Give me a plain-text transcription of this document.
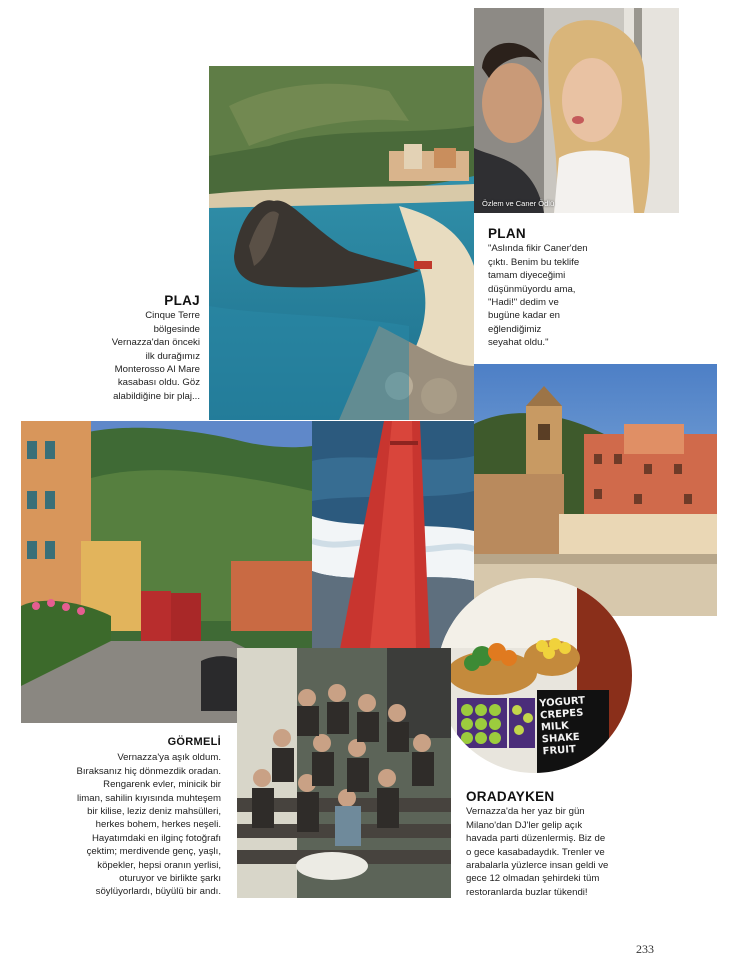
Özlem ve Caner Ödlü
YOGURT
CREPES
MILK
SHAKE
FRUIT
PLAJ
Cinque Terre
bölgesinde
Vernazza'dan önceki
ilk durağımız
Monterosso Al Mare
kasabası oldu. Göz
alabildiğine bir plaj...
PLAN
"Aslında fikir Caner'den
çıktı. Benim bu teklife
tamam diyeceğimi
düşünmüyordu ama,
"Hadi!" dedim ve
bugüne kadar en
eğlendiğimiz
seyahat oldu."
GÖRMELİ
Vernazza'ya aşık oldum.
Bıraksanız hiç dönmezdik oradan.
Rengarenk evler, minicik bir
liman, sahilin kıyısında muhteşem
bir kilise, leziz deniz mahsülleri,
herkes bohem, herkes neşeli.
Hayatımdaki en ilginç fotoğrafı
çektim; merdivende genç, yaşlı,
köpekler, hepsi oranın yerlisi,
oturuyor ve birlikte şarkı
söylüyorlardı, büyülü bir andı.
ORADAYKEN
Vernazza'da her yaz bir gün
Milano'dan DJ'ler gelip açık
havada parti düzenlermiş. Biz de
o gece kasabadaydık. Trenler ve
arabalarla yüzlerce insan geldi ve
gece 12 olmadan şehirdeki tüm
restoranlarda buzlar tükendi!
233
